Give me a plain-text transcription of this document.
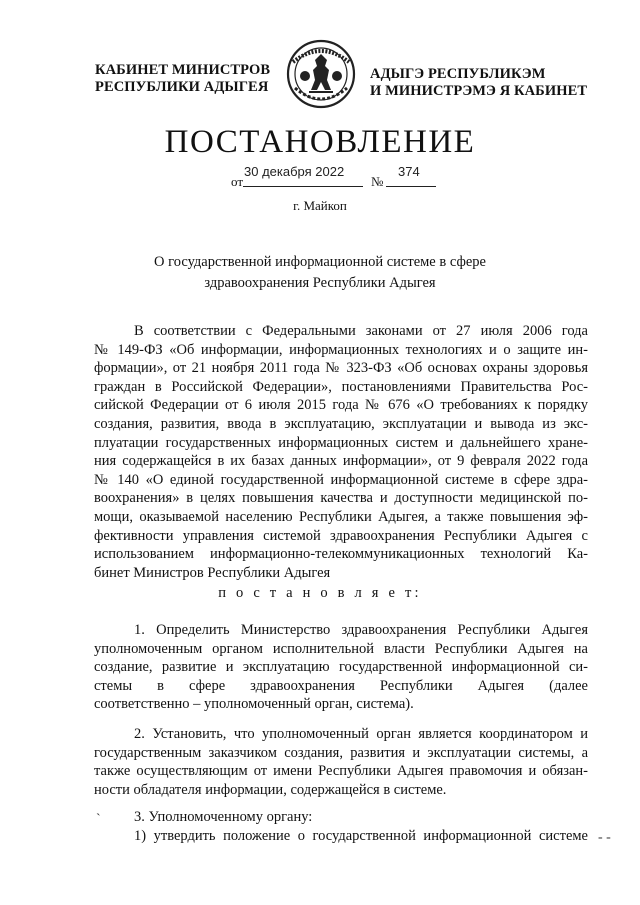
КАБИНЕТ МИНИСТРОВ
РЕСПУБЛИКИ АДЫГЕЯ
АДЫГЭ РЕСПУБЛИКЭМ
И МИНИСТРЭМЭ Я КАБИНЕТ
ПОСТАНОВЛЕНИЕ
от
30 декабря 2022
№
374
г. Майкоп
О государственной информационной системе в сфере
здравоохранения Республики Адыгея
В соответствии с Федеральными законами от 27 июля 2006 года
№ 149-ФЗ «Об информации, информационных технологиях и о защите ин-
формации», от 21 ноября 2011 года № 323-ФЗ «Об основах охраны здоровья
граждан в Российской Федерации», постановлениями Правительства Рос-
сийской Федерации от 6 июля 2015 года № 676 «О требованиях к порядку
создания, развития, ввода в эксплуатацию, эксплуатации и вывода из экс-
плуатации государственных информационных систем и дальнейшего хране-
ния содержащейся в их базах данных информации», от 9 февраля 2022 года
№ 140 «О единой государственной информационной системе в сфере здра-
воохранения» в целях повышения качества и доступности медицинской по-
мощи, оказываемой населению Республики Адыгея, а также повышения эф-
фективности управления системой здравоохранения Республики Адыгея с
использованием информационно-телекоммуникационных технологий Ка-
бинет Министров Республики Адыгея
п о с т а н о в л я е т:
1. Определить Министерство здравоохранения Республики Адыгея
уполномоченным органом исполнительной власти Республики Адыгея на
создание, развитие и эксплуатацию государственной информационной си-
стемы в сфере здравоохранения Республики Адыгея (далее
соответственно – уполномоченный орган, система).
2. Установить, что уполномоченный орган является координатором и
государственным заказчиком создания, развития и эксплуатации системы, а
также осуществляющим от имени Республики Адыгея правомочия и обязан-
ности обладателя информации, содержащейся в системе.
3. Уполномоченному органу:
1) утвердить положение о государственной информационной системе
`
- -
